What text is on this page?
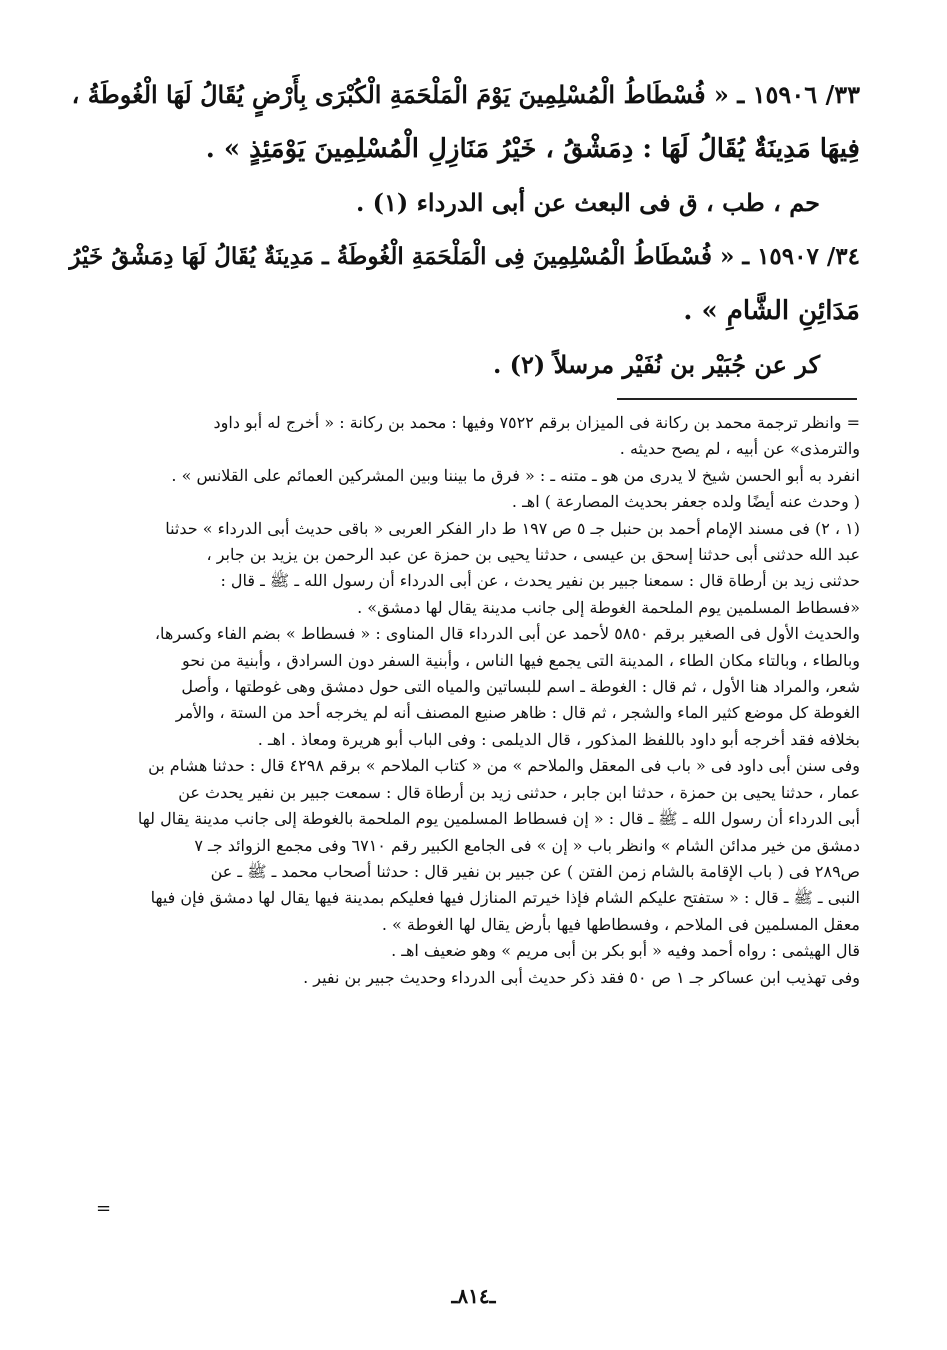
٣٣/ ١٥٩٠٦ ـ « فُسْطَاطُ الْمُسْلِمِينَ يَوْمَ الْمَلْحَمَةِ الْكُبْرَى بِأَرْضٍ يُقَالُ لَهَا الْغُوطَةُ ،

فِيهَا مَدِينَةٌ يُقَالُ لَهَا : دِمَشْقُ ، خَيْرُ مَنَازِلِ الْمُسْلِمِينَ يَوْمَئِذٍ » .

حم ، طب ، ق فى البعث عن أبى الدرداء (١) .

٣٤/ ١٥٩٠٧ ـ « فُسْطَاطُ الْمُسْلِمِينَ فِى الْمَلْحَمَةِ الْغُوطَةُ ـ مَدِينَةٌ يُقَالُ لَهَا دِمَشْقُ خَيْرُ

مَدَائِنِ الشَّامِ » .

كر عن جُبَيْر بن نُفَيْر مرسلاً (٢) .

= وانظر ترجمة محمد بن ركانة فى الميزان برقم ٧٥٢٢ وفيها : محمد بن ركانة : « أخرج له أبو داود

والترمذى» عن أبيه ، لم يصح حديثه .

انفرد به أبو الحسن شيخ لا يدرى من هو ـ متنه ـ : « فرق ما بيننا وبين المشركين العمائم على القلانس » .

( وحدث عنه أيضًا ولده جعفر بحديث المصارعة ) اهـ .

(١ ، ٢) فى مسند الإمام أحمد بن حنبل جـ ٥ ص ١٩٧ ط دار الفكر العربى « باقى حديث أبى الدرداء » حدثنا

عبد الله حدثنى أبى حدثنا إسحق بن عيسى ، حدثنا يحيى بن حمزة عن عبد الرحمن بن يزيد بن جابر ،

حدثنى زيد بن أرطاة قال : سمعنا جبير بن نفير يحدث ، عن أبى الدرداء أن رسول الله ـ ﷺ ـ قال :

«فسطاط المسلمين يوم الملحمة الغوطة إلى جانب مدينة يقال لها دمشق» .

والحديث الأول فى الصغير برقم ٥٨٥٠ لأحمد عن أبى الدرداء قال المناوى : « فسطاط » بضم الفاء وكسرها،

وبالطاء ، وبالتاء مكان الطاء ، المدينة التى يجمع فيها الناس ، وأبنية السفر دون السرادق ، وأبنية من نحو

شعر، والمراد هنا الأول ، ثم قال : الغوطة ـ اسم للبساتين والمياه التى حول دمشق وهى غوطتها ، وأصل

الغوطة كل موضع كثير الماء والشجر ، ثم قال : ظاهر صنيع المصنف أنه لم يخرجه أحد من الستة ، والأمر

بخلافه فقد أخرجه أبو داود باللفظ المذكور ، قال الديلمى : وفى الباب أبو هريرة ومعاذ . اهـ .

وفى سنن أبى داود فى « باب فى المعقل والملاحم » من « كتاب الملاحم » برقم ٤٢٩٨ قال : حدثنا هشام بن

عمار ، حدثنا يحيى بن حمزة ، حدثنا ابن جابر ، حدثنى زيد بن أرطاة قال : سمعت جبير بن نفير يحدث عن

أبى الدرداء أن رسول الله ـ ﷺ ـ قال : « إن فسطاط المسلمين يوم الملحمة بالغوطة إلى جانب مدينة يقال لها

دمشق من خير مدائن الشام » وانظر باب « إن » فى الجامع الكبير رقم ٦٧١٠ وفى مجمع الزوائد جـ ٧

ص٢٨٩ فى ( باب الإقامة بالشام زمن الفتن ) عن جبير بن نفير قال : حدثنا أصحاب محمد ـ ﷺ ـ عن

النبى ـ ﷺ ـ قال : « ستفتح عليكم الشام فإذا خيرتم المنازل فيها فعليكم بمدينة فيها يقال لها دمشق فإن فيها

معقل المسلمين فى الملاحم ، وفسطاطها فيها بأرض يقال لها الغوطة » .

قال الهيثمى : رواه أحمد وفيه « أبو بكر بن أبى مريم » وهو ضعيف اهـ .

وفى تهذيب ابن عساكر جـ ١ ص ٥٠ فقد ذكر حديث أبى الدرداء وحديث جبير بن نفير .

=
ـ٨١٤ـ
